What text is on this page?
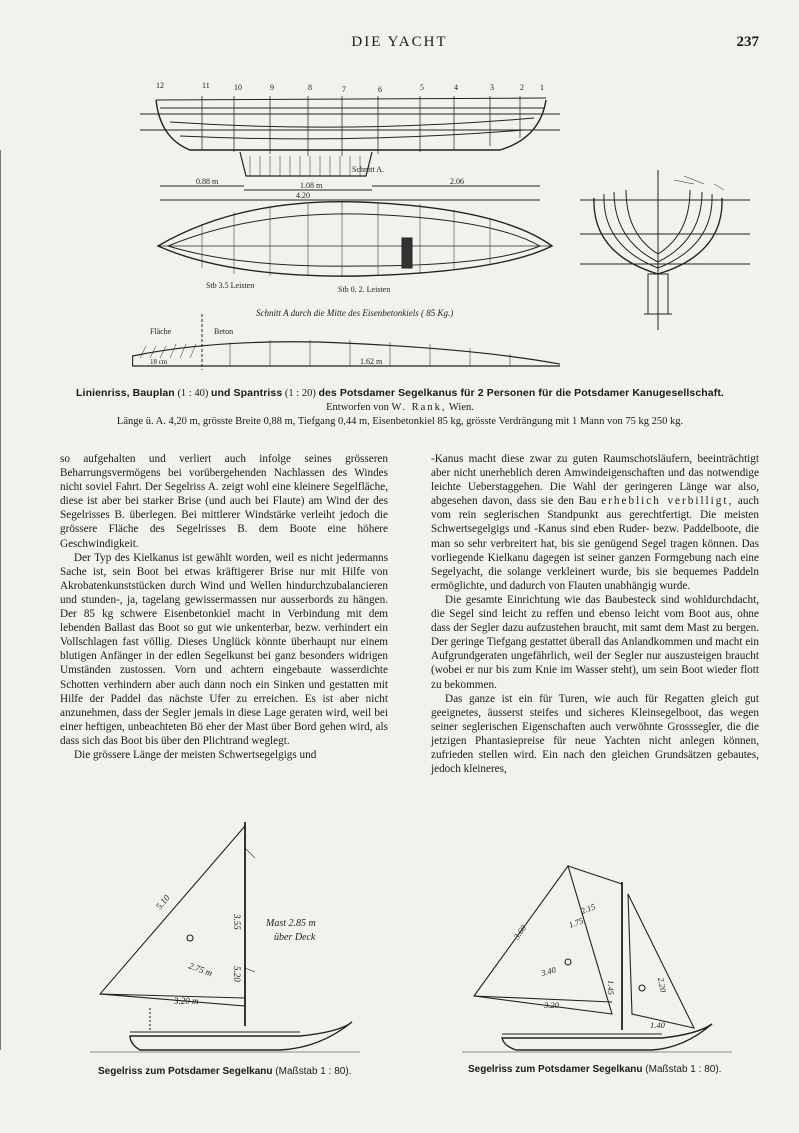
DIE YACHT	237
12	11	10	9	8	7	6	5	4	3	2 1
0.88 m	1.08 m
4.20
2.06
Schnitt A.
Stb 3.5 Leisten	Stb 0. 2. Leisten
Schnitt A durch die Mitte des Eisenbetonkiels ( 85 Kg.)
Fläche	Beton
18 cm	1.62 m
Linienriss, Bauplan (1 : 40) und Spantriss (1 : 20) des Potsdamer Segelkanus für 2 Personen für die Potsdamer Kanugesellschaft.
Entworfen von W. Rank, Wien.
Länge ü. A. 4,20 m, grösste Breite 0,88 m, Tiefgang 0,44 m, Eisenbetonkiel 85 kg, grösste Verdrängung mit 1 Mann von 75 kg 250 kg.

so aufgehalten und verliert auch infolge seines grösseren Beharrungsvermögens bei vorübergehenden Nachlassen des Windes nicht soviel Fahrt. Der Segelriss A. zeigt wohl eine kleinere Segelfläche, diese ist aber bei starker Brise (und auch bei Flaute) am Wind der des Segelrisses B. überlegen. Bei mittlerer Windstärke verleiht jedoch die grössere Fläche des Segelrisses B. dem Boote eine höhere Geschwindigkeit.

Der Typ des Kielkanus ist gewählt worden, weil es nicht jedermanns Sache ist, sein Boot bei etwas kräftigerer Brise nur mit Hilfe von Akrobatenkunststücken durch Wind und Wellen hindurchzubalancieren und stunden-, ja, tagelang gewissermassen nur ausserbords zu hängen. Der 85 kg schwere Eisenbetonkiel macht in Verbindung mit dem lebenden Ballast das Boot so gut wie unkenterbar, bezw. verhindert ein Vollschlagen fast völlig. Dieses Unglück könnte überhaupt nur einem blutigen Anfänger in der edlen Segelkunst bei ganz besonders widrigen Umständen zustossen. Vorn und achtern eingebaute wasserdichte Schotten verhindern aber auch dann noch ein Sinken und gestatten mit Hilfe der Paddel das nächste Ufer zu erreichen. Es ist aber nicht anzunehmen, dass der Segler jemals in diese Lage geraten wird, weil bei einer heftigen, unbeachteten Bö eher der Mast über Bord gehen wird, als dass sich das Boot bis über den Plichtrand weglegt.

Die grössere Länge der meisten Schwertsegelgigs und

-Kanus macht diese zwar zu guten Raumschotsläufern, beeinträchtigt aber nicht unerheblich deren Amwindeigenschaften und das notwendige leichte Ueberstaggehen. Die Wahl der geringeren Länge war also, abgesehen davon, dass sie den Bau erheblich verbilligt, auch vom rein seglerischen Standpunkt aus gerechtfertigt. Die meisten Schwertsegelgigs und -Kanus sind eben Ruder- bezw. Paddelboote, die man so sehr verbreitert hat, bis sie genügend Segel tragen können. Das vorliegende Kielkanu dagegen ist seiner ganzen Formgebung nach eine Segelyacht, die solange verkleinert wurde, bis sie bequemes Paddeln ermöglichte, und dadurch von Flauten unabhängig wurde.

Die gesamte Einrichtung wie das Baubesteck sind wohldurchdacht, die Segel sind leicht zu reffen und ebenso leicht vom Boot aus, ohne dass der Segler dazu aufzustehen braucht, mit samt dem Mast zu bergen. Der geringe Tiefgang gestattet überall das Anlandkommen und macht ein Aufgrundgeraten ungefährlich, weil der Segler nur auszusteigen braucht (wobei er nur bis zum Knie im Wasser steht), um sein Boot wieder flott zu bekommen.

Das ganze ist ein für Turen, wie auch für Regatten gleich gut geeignetes, äusserst steifes und sicheres Kleinsegelboot, das wegen seiner seglerischen Eigenschaften auch verwöhnte Grosssegler, die die jetzigen Phantasiepreise für neue Yachten nicht anlegen können, zufrieden stellen wird. Ein nach den gleichen Grundsätzen gebautes, jedoch kleineres,

5.10
3.55
2.75 m
3.20 m
5.20
Mast 2.85 m
über Deck
Segelriss zum Potsdamer Segelkanu (Maßstab 1 : 80).
3.60
2.15
1.75
3.40
1.45
3.20
2.20
1.40
Segelriss zum Potsdamer Segelkanu (Maßstab 1 : 80).
